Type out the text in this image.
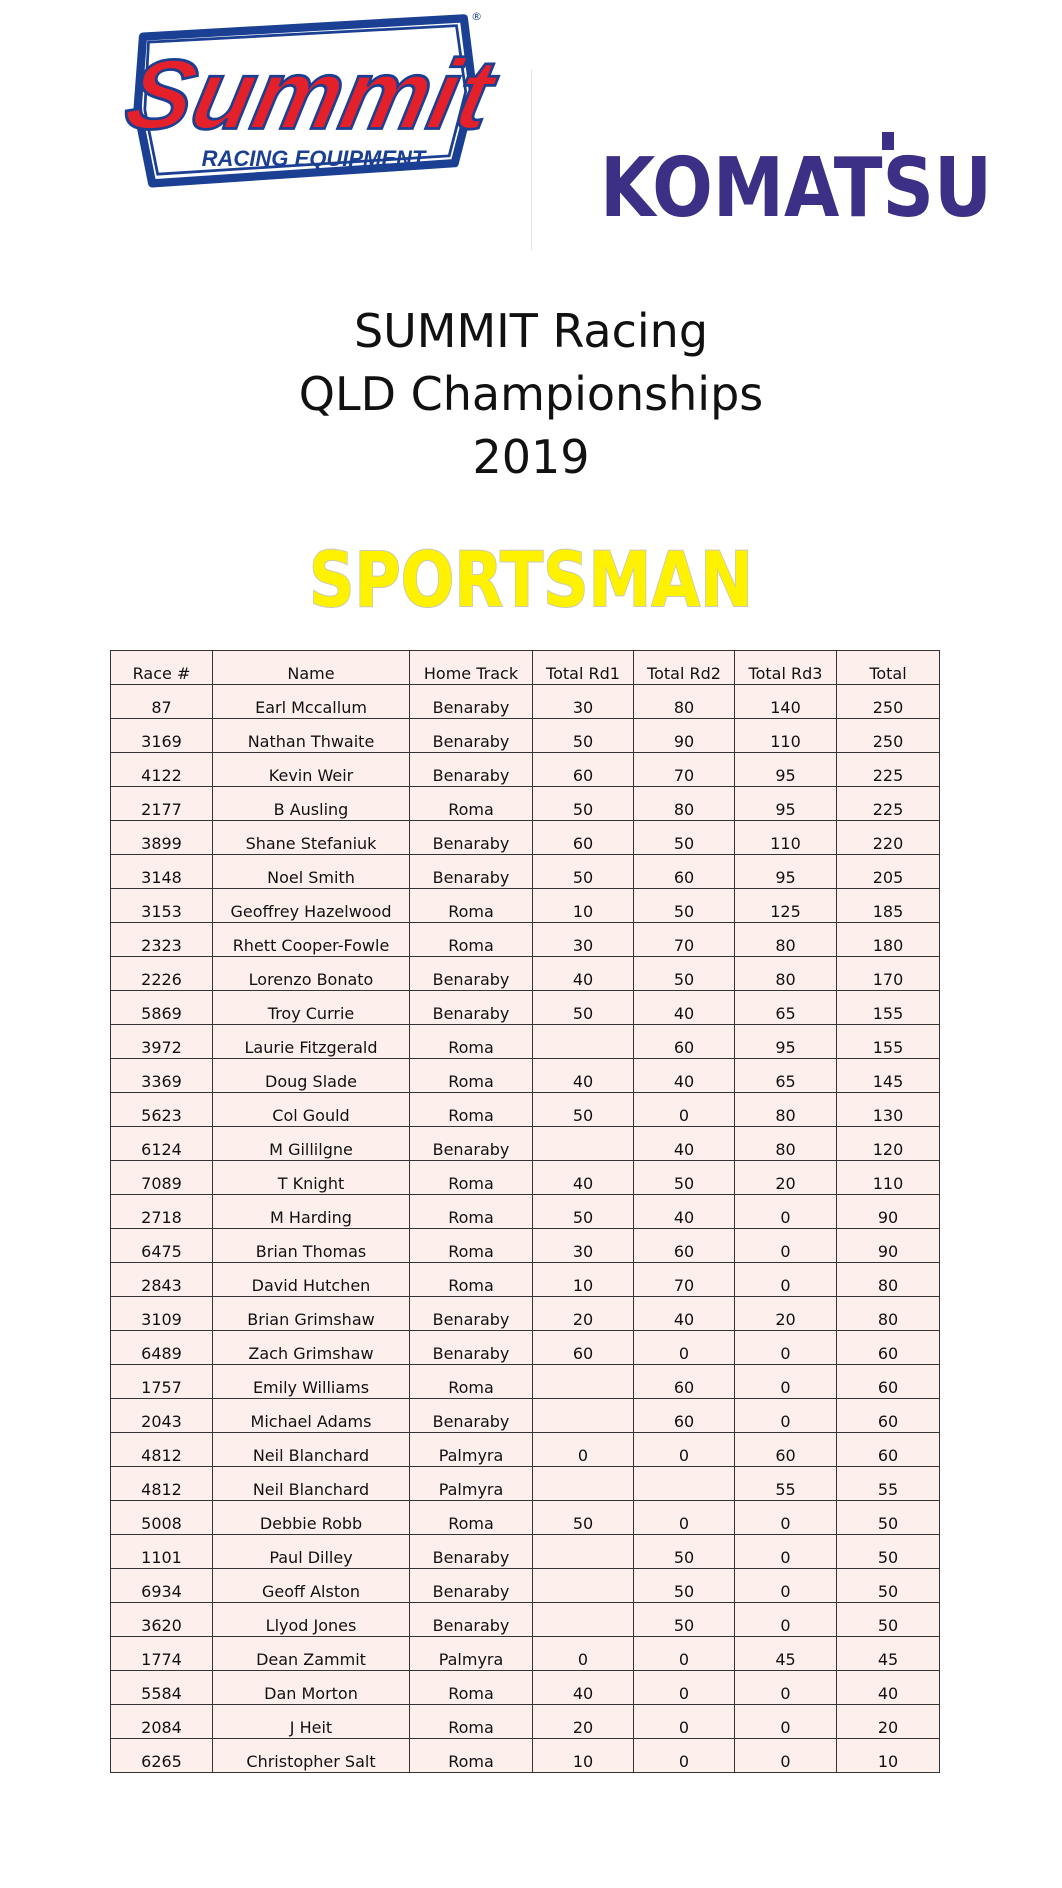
Summit
RACING EQUIPMENT
®
KOMATSU
SUMMIT Racing
QLD Championships
2019
SPORTSMAN
Race #	Name	Home Track	Total Rd1	Total Rd2	Total Rd3	Total
87	Earl Mccallum	Benaraby	30	80	140	250
3169	Nathan Thwaite	Benaraby	50	90	110	250
4122	Kevin Weir	Benaraby	60	70	95	225
2177	B Ausling	Roma	50	80	95	225
3899	Shane Stefaniuk	Benaraby	60	50	110	220
3148	Noel Smith	Benaraby	50	60	95	205
3153	Geoffrey Hazelwood	Roma	10	50	125	185
2323	Rhett Cooper-Fowle	Roma	30	70	80	180
2226	Lorenzo Bonato	Benaraby	40	50	80	170
5869	Troy Currie	Benaraby	50	40	65	155
3972	Laurie Fitzgerald	Roma		60	95	155
3369	Doug Slade	Roma	40	40	65	145
5623	Col Gould	Roma	50	0	80	130
6124	M Gillilgne	Benaraby		40	80	120
7089	T Knight	Roma	40	50	20	110
2718	M Harding	Roma	50	40	0	90
6475	Brian Thomas	Roma	30	60	0	90
2843	David Hutchen	Roma	10	70	0	80
3109	Brian Grimshaw	Benaraby	20	40	20	80
6489	Zach Grimshaw	Benaraby	60	0	0	60
1757	Emily Williams	Roma		60	0	60
2043	Michael Adams	Benaraby		60	0	60
4812	Neil Blanchard	Palmyra	0	0	60	60
4812	Neil Blanchard	Palmyra			55	55
5008	Debbie Robb	Roma	50	0	0	50
1101	Paul Dilley	Benaraby		50	0	50
6934	Geoff Alston	Benaraby		50	0	50
3620	Llyod Jones	Benaraby		50	0	50
1774	Dean Zammit	Palmyra	0	0	45	45
5584	Dan Morton	Roma	40	0	0	40
2084	J Heit	Roma	20	0	0	20
6265	Christopher Salt	Roma	10	0	0	10
